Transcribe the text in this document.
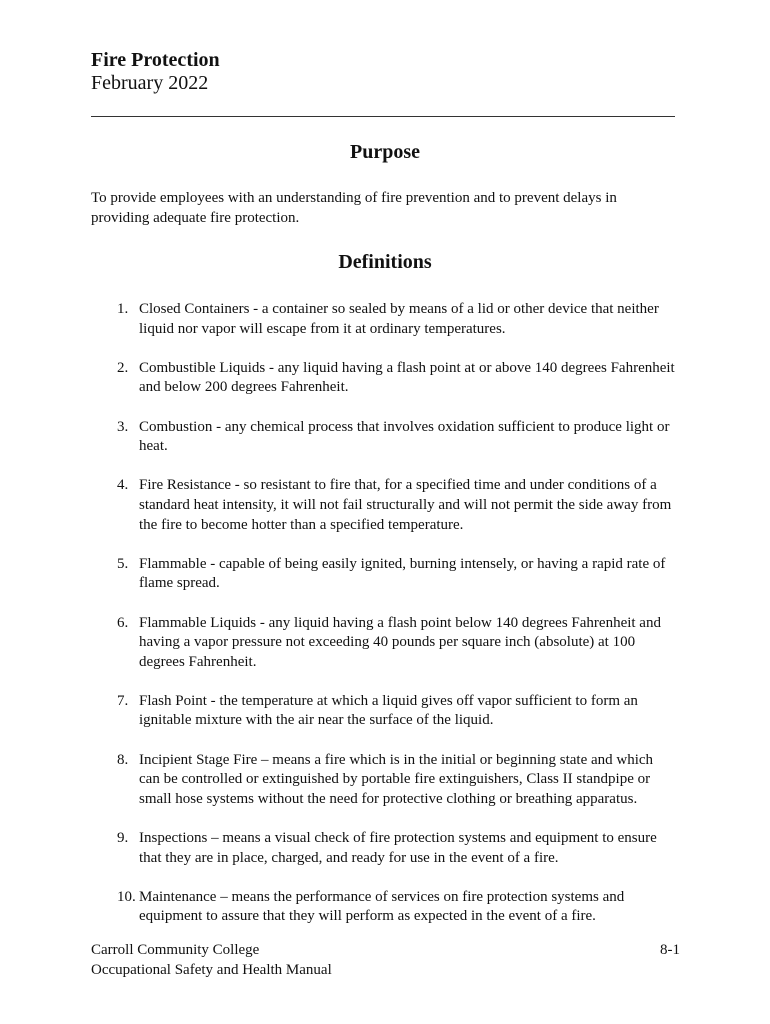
Fire Protection
February 2022
Purpose
To provide employees with an understanding of fire prevention and to prevent delays in
providing adequate fire protection.
Definitions
1. Closed Containers - a container so sealed by means of a lid or other device that neither
liquid nor vapor will escape from it at ordinary temperatures.
2. Combustible Liquids - any liquid having a flash point at or above 140 degrees Fahrenheit
and below 200 degrees Fahrenheit.
3. Combustion - any chemical process that involves oxidation sufficient to produce light or
heat.
4. Fire Resistance - so resistant to fire that, for a specified time and under conditions of a
standard heat intensity, it will not fail structurally and will not permit the side away from
the fire to become hotter than a specified temperature.
5. Flammable - capable of being easily ignited, burning intensely, or having a rapid rate of
flame spread.
6. Flammable Liquids - any liquid having a flash point below 140 degrees Fahrenheit and
having a vapor pressure not exceeding 40 pounds per square inch (absolute) at 100
degrees Fahrenheit.
7. Flash Point - the temperature at which a liquid gives off vapor sufficient to form an
ignitable mixture with the air near the surface of the liquid.
8. Incipient Stage Fire – means a fire which is in the initial or beginning state and which
can be controlled or extinguished by portable fire extinguishers, Class II standpipe or
small hose systems without the need for protective clothing or breathing apparatus.
9. Inspections – means a visual check of fire protection systems and equipment to ensure
that they are in place, charged, and ready for use in the event of a fire.
10. Maintenance – means the performance of services on fire protection systems and
equipment to assure that they will perform as expected in the event of a fire.
Carroll Community College
Occupational Safety and Health Manual
8-1
